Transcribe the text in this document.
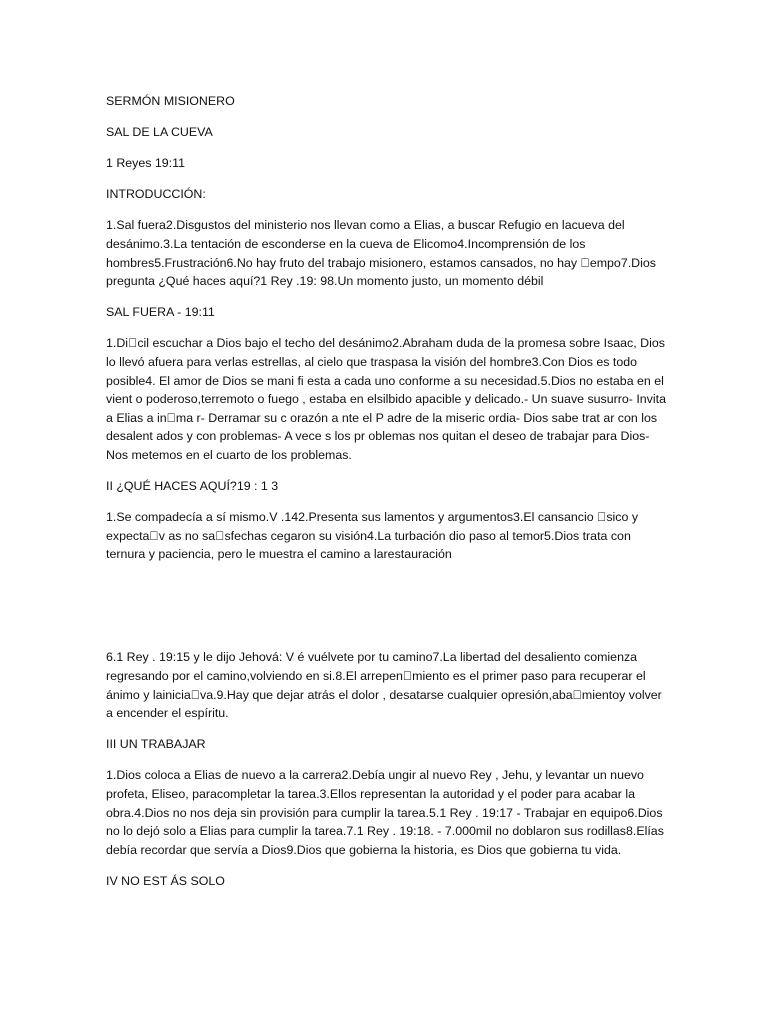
SERMÓN MISIONERO

SAL DE LA CUEVA

1 Reyes 19:11

INTRODUCCIÓN:

1.Sal fuera2.Disgustos del ministerio nos llevan como a Elias, a buscar Refugio en lacueva del desánimo.3.La tentación de esconderse en la cueva de Elicomo4.Incomprensión de los hombres5.Frustración6.No hay fruto del trabajo misionero, estamos cansados, no hay  empo7.Dios pregunta ¿Qué haces aquí?1 Rey .19: 98.Un momento justo, un momento débil

SAL FUERA - 19:11

1.Di cil escuchar a Dios bajo el techo del desánimo2.Abraham duda de la promesa sobre Isaac, Dios lo llevó afuera para verlas estrellas, al cielo que traspasa la visión del hombre3.Con Dios es todo posible4. El amor de Dios se mani fi esta a cada uno conforme a su necesidad.5.Dios no estaba en el vient o poderoso,terremoto o fuego , estaba en elsilbido apacible y delicado.- Un suave susurro- Invita a Elias a in ma r- Derramar su c orazón a nte el P adre de la miseric ordia- Dios sabe trat ar con los desalent ados y con problemas- A vece s los pr oblemas nos quitan el deseo de trabajar para Dios- Nos metemos en el cuarto de los problemas.

II ¿QUÉ HACES AQUÍ?19 : 1 3

1.Se compadecía a sí mismo.V .142.Presenta sus lamentos y argumentos3.El cansancio  sico y expecta v as no sa sfechas cegaron su visión4.La turbación dio paso al temor5.Dios trata con ternura y paciencia, pero le muestra el camino a larestauración

6.1 Rey . 19:15 y le dijo Jehová: V é vuélvete por tu camino7.La libertad del desaliento comienza regresando por el camino,volviendo en si.8.El arrepen miento es el primer paso para recuperar el ánimo y lainicia va.9.Hay que dejar atrás el dolor , desatarse cualquier opresión,aba mientoy volver a encender el espíritu.

III UN TRABAJAR

1.Dios coloca a Elias de nuevo a la carrera2.Debía ungir al nuevo Rey , Jehu, y levantar un nuevo profeta, Eliseo, paracompletar la tarea.3.Ellos representan la autoridad y el poder para acabar la obra.4.Dios no nos deja sin provisión para cumplir la tarea.5.1 Rey . 19:17 - Trabajar en equipo6.Dios no lo dejó solo a Elias para cumplir la tarea.7.1 Rey . 19:18. - 7.000mil no doblaron sus rodillas8.Elías debía recordar que servía a Dios9.Dios que gobierna la historia, es Dios que gobierna tu vida.

IV NO EST ÁS SOLO
